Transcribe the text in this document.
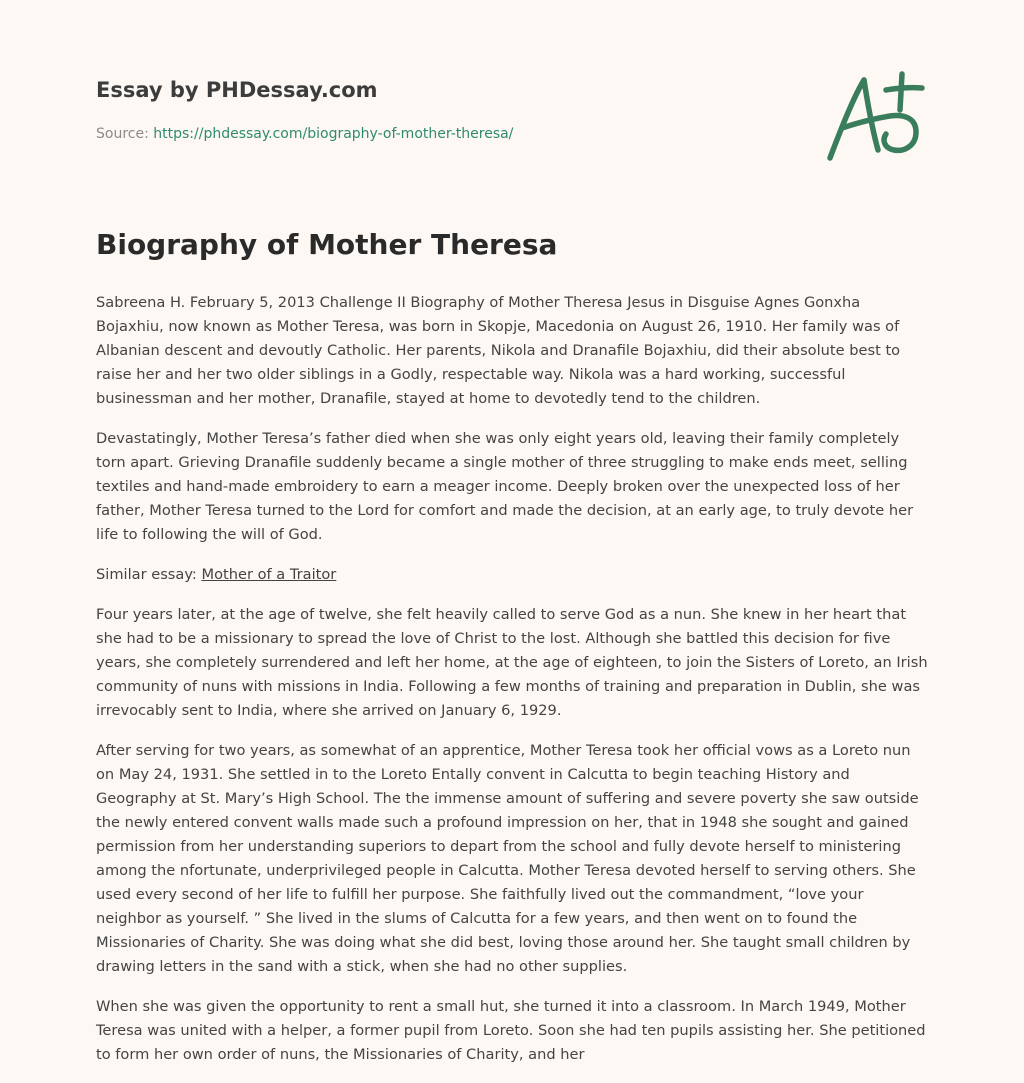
Essay by PHDessay.com
Source: https://phdessay.com/biography-of-mother-theresa/
Biography of Mother Theresa

Sabreena H. February 5, 2013 Challenge II Biography of Mother Theresa Jesus in Disguise Agnes Gonxha Bojaxhiu, now known as Mother Teresa, was born in Skopje, Macedonia on August 26, 1910. Her family was of Albanian descent and devoutly Catholic. Her parents, Nikola and Dranafile Bojaxhiu, did their absolute best to raise her and her two older siblings in a Godly, respectable way. Nikola was a hard working, successful businessman and her mother, Dranafile, stayed at home to devotedly tend to the children.

Devastatingly, Mother Teresa’s father died when she was only eight years old, leaving their family completely torn apart. Grieving Dranafile suddenly became a single mother of three struggling to make ends meet, selling textiles and hand-made embroidery to earn a meager income. Deeply broken over the unexpected loss of her father, Mother Teresa turned to the Lord for comfort and made the decision, at an early age, to truly devote her life to following the will of God.

Similar essay: Mother of a Traitor

Four years later, at the age of twelve, she felt heavily called to serve God as a nun. She knew in her heart that she had to be a missionary to spread the love of Christ to the lost. Although she battled this decision for five years, she completely surrendered and left her home, at the age of eighteen, to join the Sisters of Loreto, an Irish community of nuns with missions in India. Following a few months of training and preparation in Dublin, she was irrevocably sent to India, where she arrived on January 6, 1929.

After serving for two years, as somewhat of an apprentice, Mother Teresa took her official vows as a Loreto nun on May 24, 1931. She settled in to the Loreto Entally convent in Calcutta to begin teaching History and Geography at St. Mary’s High School. The the immense amount of suffering and severe poverty she saw outside the newly entered convent walls made such a profound impression on her, that in 1948 she sought and gained permission from her understanding superiors to depart from the school and fully devote herself to ministering among the nfortunate, underprivileged people in Calcutta. Mother Teresa devoted herself to serving others. She used every second of her life to fulfill her purpose. She faithfully lived out the commandment, “love your neighbor as yourself. ” She lived in the slums of Calcutta for a few years, and then went on to found the Missionaries of Charity. She was doing what she did best, loving those around her. She taught small children by drawing letters in the sand with a stick, when she had no other supplies.

When she was given the opportunity to rent a small hut, she turned it into a classroom. In March 1949, Mother Teresa was united with a helper, a former pupil from Loreto. Soon she had ten pupils assisting her. She petitioned to form her own order of nuns, the Missionaries of Charity, and her
